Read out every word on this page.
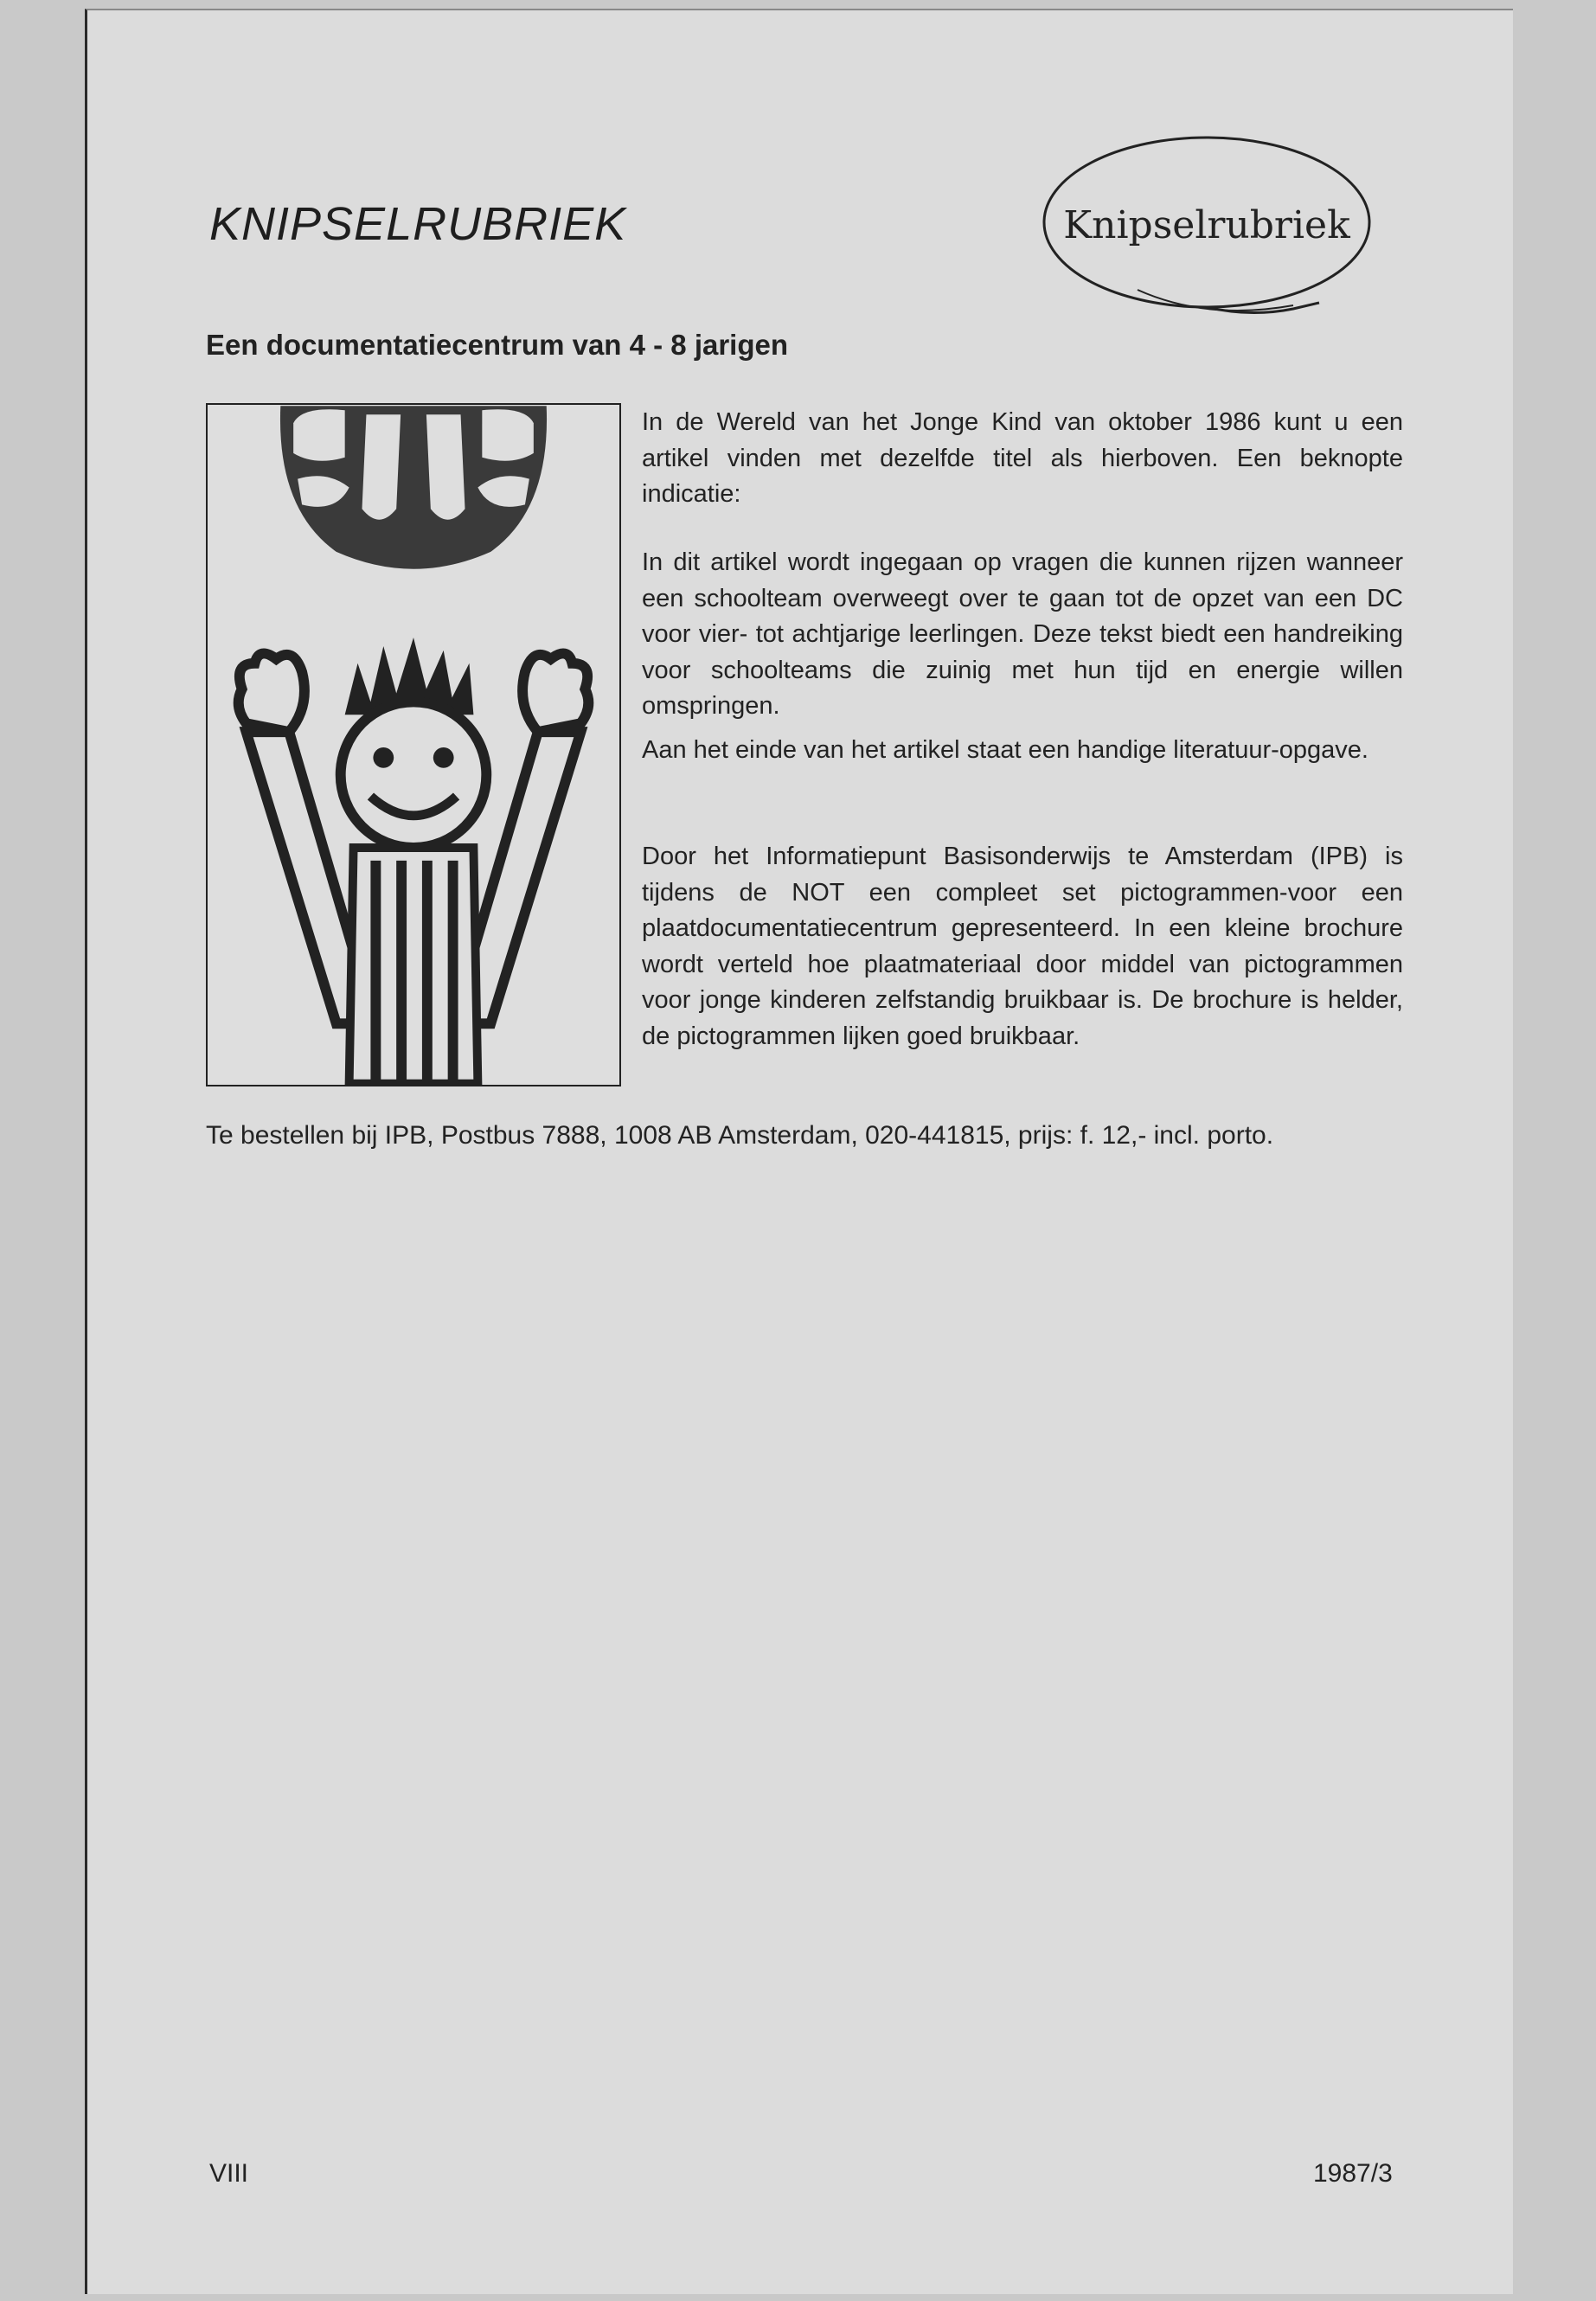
KNIPSELRUBRIEK	Knipselrubriek
Een documentatiecentrum van 4 - 8 jarigen
In de Wereld van het Jonge Kind van oktober 1986 kunt u een artikel vinden met dezelfde titel als hierboven. Een beknopte indicatie:
In dit artikel wordt ingegaan op vragen die kunnen rijzen wanneer een schoolteam overweegt over te gaan tot de opzet van een DC voor vier- tot achtjarige leerlingen. Deze tekst biedt een handreiking voor schoolteams die zuinig met hun tijd en energie willen omspringen.
Aan het einde van het artikel staat een handige literatuur-opgave.
Door het Informatiepunt Basisonderwijs te Amsterdam (IPB) is tijdens de NOT een compleet set pictogrammen-voor een plaatdocumentatiecentrum gepresenteerd. In een kleine brochure wordt verteld hoe plaatmateriaal door middel van pictogrammen voor jonge kinderen zelfstandig bruikbaar is. De brochure is helder, de pictogrammen lijken goed bruikbaar.
Te bestellen bij IPB, Postbus 7888, 1008 AB Amsterdam, 020-441815, prijs: f. 12,- incl. porto.
VIII	1987/3
